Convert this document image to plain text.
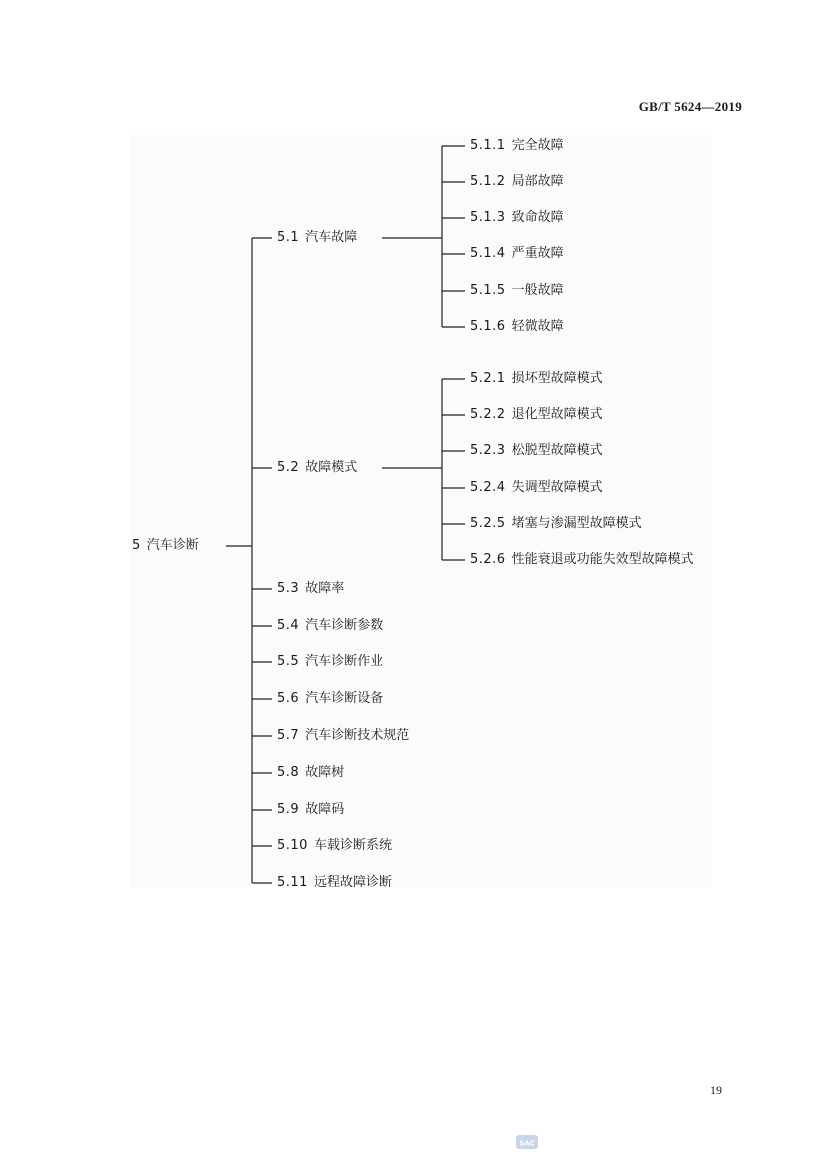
GB/T 5624—2019
5 汽车诊断
5.1 汽车故障
5.2 故障模式
5.3 故障率
5.4 汽车诊断参数
5.5 汽车诊断作业
5.6 汽车诊断设备
5.7 汽车诊断技术规范
5.8 故障树
5.9 故障码
5.10 车载诊断系统
5.11 远程故障诊断
5.1.1 完全故障
5.1.2 局部故障
5.1.3 致命故障
5.1.4 严重故障
5.1.5 一般故障
5.1.6 轻微故障
5.2.1 损坏型故障模式
5.2.2 退化型故障模式
5.2.3 松脱型故障模式
5.2.4 失调型故障模式
5.2.5 堵塞与渗漏型故障模式
5.2.6 性能衰退或功能失效型故障模式
19
SAC
